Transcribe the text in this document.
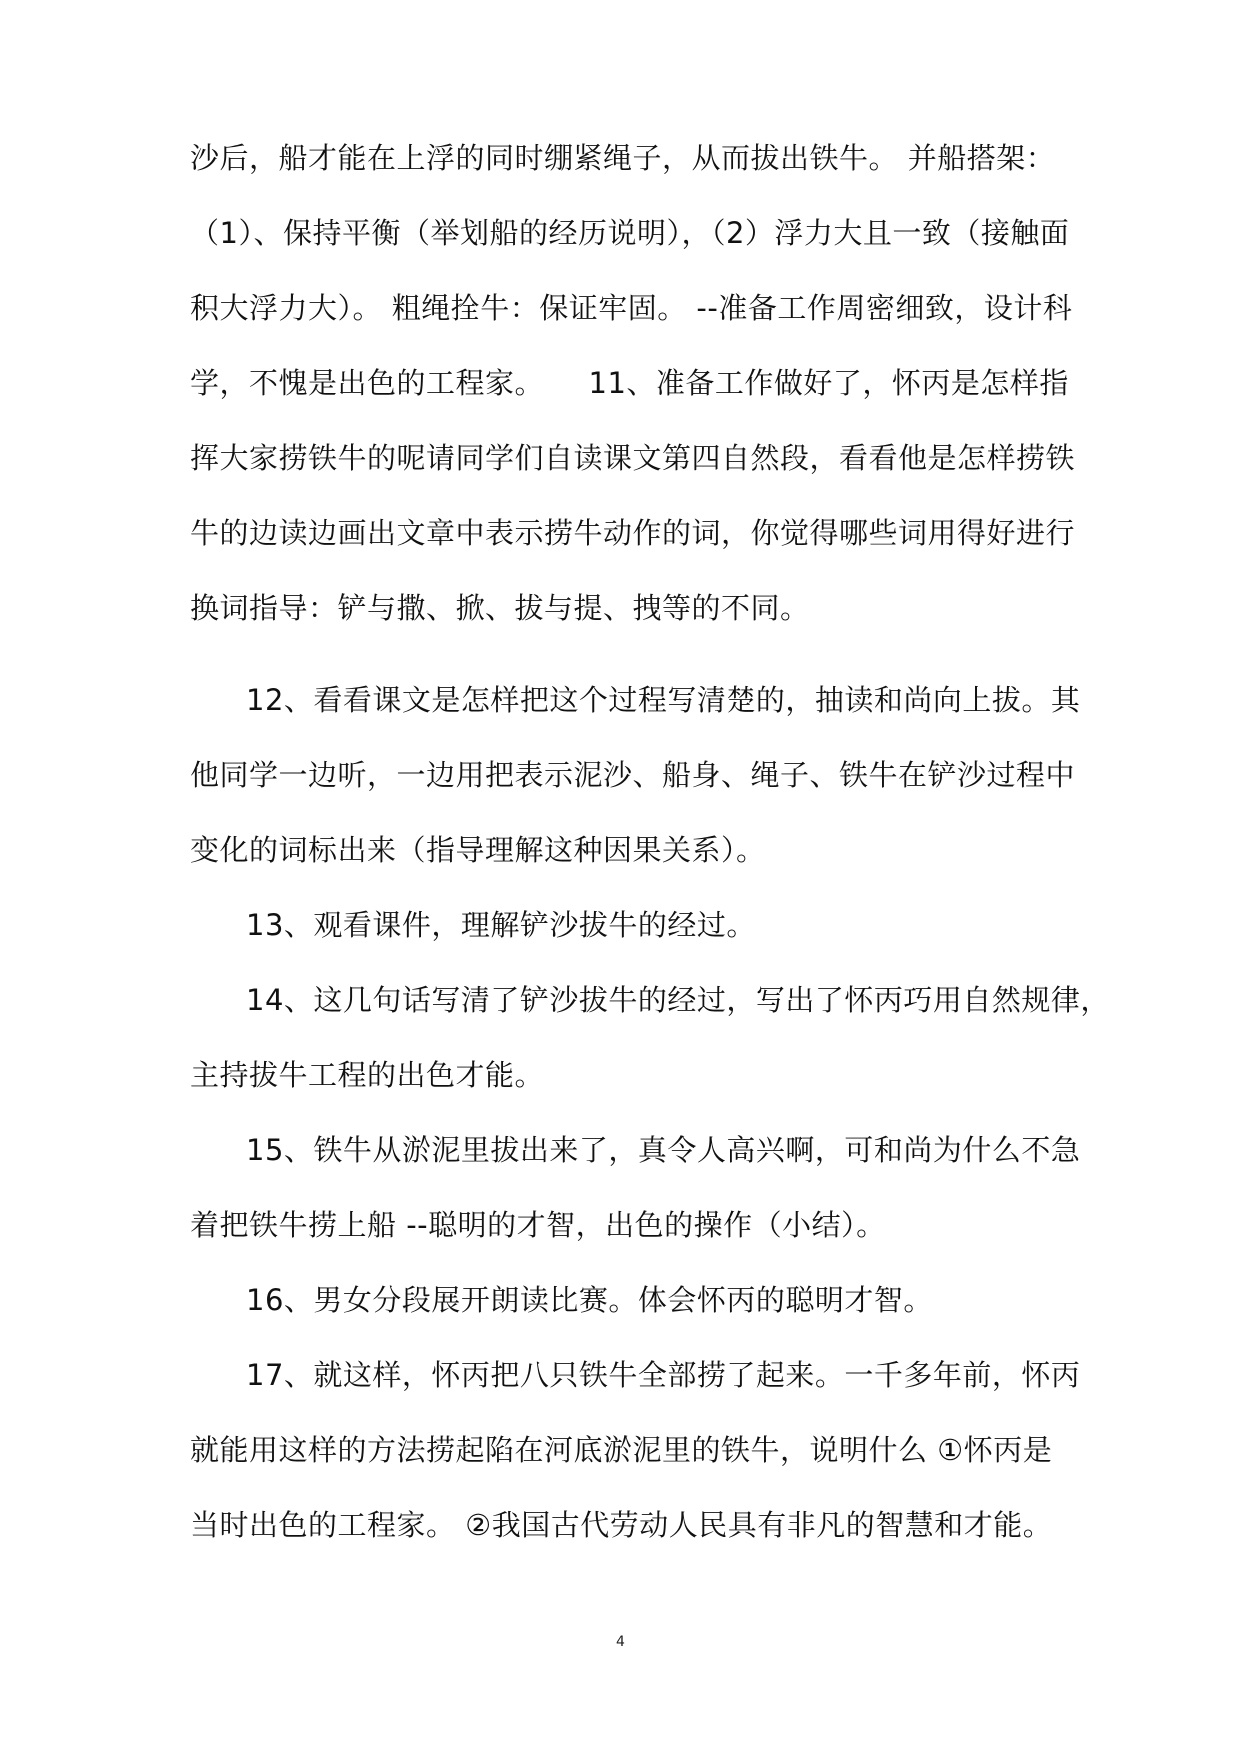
沙后，船才能在上浮的同时绷紧绳子，从而拔出铁牛。 并船搭架：
（1）、保持平衡（举划船的经历说明），（2）浮力大且一致（接触面
积大浮力大）。 粗绳拴牛：保证牢固。 --准备工作周密细致，设计科
学，不愧是出色的工程家。　　11、准备工作做好了，怀丙是怎样指
挥大家捞铁牛的呢请同学们自读课文第四自然段，看看他是怎样捞铁
牛的边读边画出文章中表示捞牛动作的词，你觉得哪些词用得好进行
换词指导：铲与撒、掀、拔与提、拽等的不同。
12、看看课文是怎样把这个过程写清楚的，抽读和尚向上拔。其
他同学一边听，一边用把表示泥沙、船身、绳子、铁牛在铲沙过程中
变化的词标出来（指导理解这种因果关系）。
13、观看课件，理解铲沙拔牛的经过。
14、这几句话写清了铲沙拔牛的经过，写出了怀丙巧用自然规律，
主持拔牛工程的出色才能。
15、铁牛从淤泥里拔出来了，真令人高兴啊，可和尚为什么不急
着把铁牛捞上船 --聪明的才智，出色的操作（小结）。
16、男女分段展开朗读比赛。体会怀丙的聪明才智。
17、就这样，怀丙把八只铁牛全部捞了起来。一千多年前，怀丙
就能用这样的方法捞起陷在河底淤泥里的铁牛，说明什么 ①怀丙是
当时出色的工程家。 ②我国古代劳动人民具有非凡的智慧和才能。
4
